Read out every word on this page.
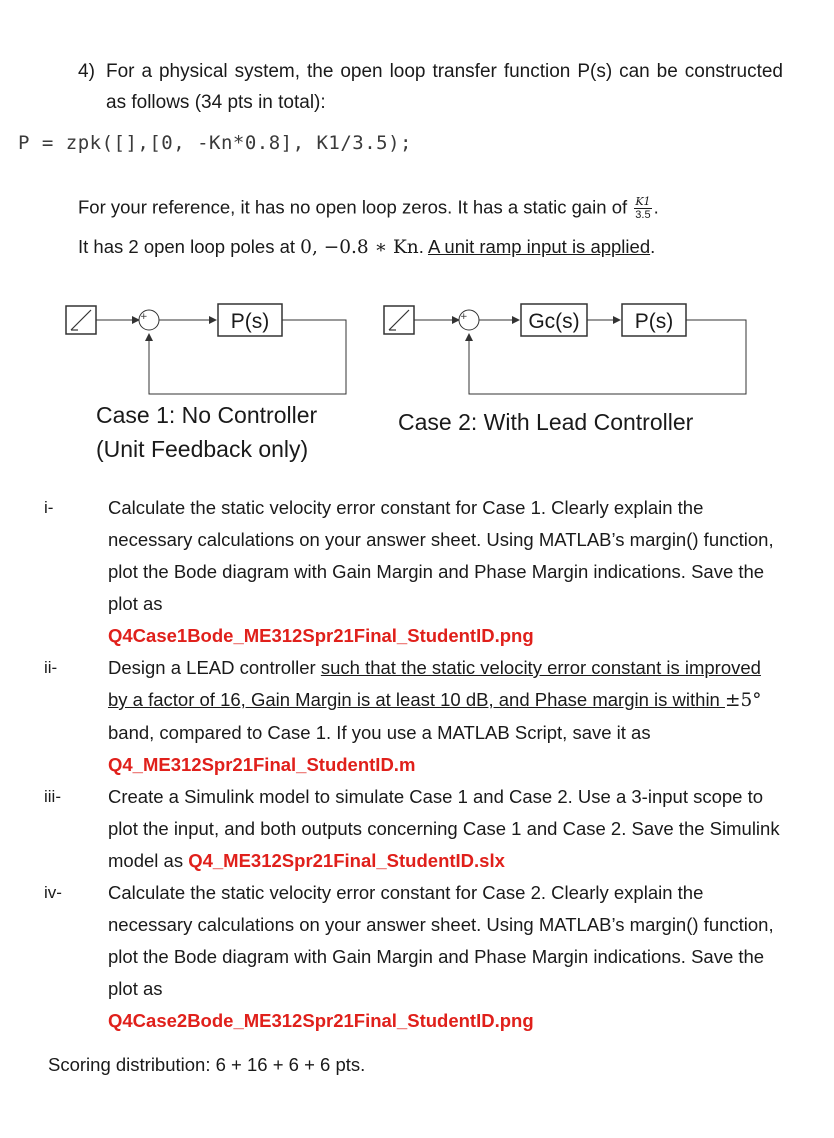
4) For a physical system, the open loop transfer function P(s) can be constructed as follows (34 pts in total):
P = zpk([],[0, -Kn*0.8], K1/3.5);
For your reference, it has no open loop zeros. It has a static gain of $\frac{K1}{3.5}$ .
It has 2 open loop poles at 0, −0.8 ∗ Kn. A unit ramp input is applied.
+	P(s)
Case 1: No Controller
(Unit Feedback only)
+	Gc(s)	P(s)
Case 2: With Lead Controller
i-	Calculate the static velocity error constant for Case 1. Clearly explain the necessary calculations on your answer sheet. Using MATLAB’s margin() function, plot the Bode diagram with Gain Margin and Phase Margin indications. Save the plot as
Q4Case1Bode_ME312Spr21Final_StudentID.png
ii-	Design a LEAD controller such that the static velocity error constant is improved by a factor of 16, Gain Margin is at least 10 dB, and Phase margin is within ±5° band, compared to Case 1. If you use a MATLAB Script, save it as Q4_ME312Spr21Final_StudentID.m
iii-	Create a Simulink model to simulate Case 1 and Case 2. Use a 3-input scope to plot the input, and both outputs concerning Case 1 and Case 2. Save the Simulink model as Q4_ME312Spr21Final_StudentID.slx
iv- Calculate the static velocity error constant for Case 2. Clearly explain the necessary calculations on your answer sheet. Using MATLAB’s margin() function, plot the Bode diagram with Gain Margin and Phase Margin indications. Save the plot as
Q4Case2Bode_ME312Spr21Final_StudentID.png
Scoring distribution: 6 + 16 + 6 + 6 pts.
